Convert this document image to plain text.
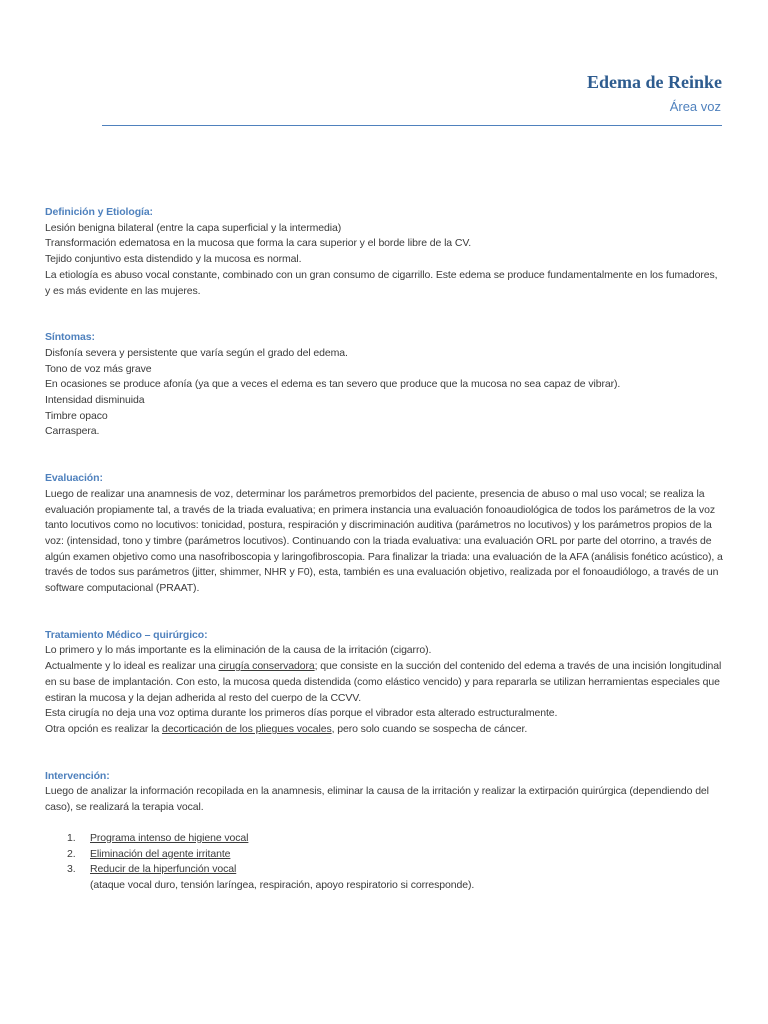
Edema de Reinke
Área voz
Definición y Etiología:
Lesión benigna bilateral (entre la capa superficial y la intermedia)
Transformación edematosa en la mucosa que forma la cara superior y el borde libre de la CV.
Tejido conjuntivo esta distendido y la mucosa es normal.
La etiología es abuso vocal constante, combinado con un gran consumo de cigarrillo. Este edema se produce fundamentalmente en los fumadores, y es más evidente en las mujeres.
Síntomas:
Disfonía severa y persistente que varía según el grado del edema.
Tono de voz más grave
En ocasiones se produce afonía (ya que a veces el edema es tan severo que produce que la mucosa no sea capaz de vibrar).
Intensidad disminuida
Timbre opaco
Carraspera.
Evaluación:
Luego de realizar una anamnesis de voz, determinar los parámetros premorbidos del paciente, presencia de abuso o mal uso vocal; se realiza la evaluación propiamente tal, a través de la triada evaluativa; en primera instancia una evaluación fonoaudiológica de todos los parámetros de la voz tanto locutivos como no locutivos: tonicidad, postura, respiración y discriminación auditiva (parámetros no locutivos) y los parámetros propios de la voz: (intensidad, tono y timbre (parámetros locutivos). Continuando con la triada evaluativa: una evaluación ORL por parte del otorrino, a través de algún examen objetivo como una nasofriboscopia y laringofibroscopia. Para finalizar la triada: una evaluación de la AFA (análisis fonético acústico), a través de todos sus parámetros (jitter, shimmer, NHR y F0), esta, también es una evaluación objetivo, realizada por el fonoaudiólogo, a través de un software computacional (PRAAT).
Tratamiento Médico – quirúrgico:
Lo primero y lo más importante es la eliminación de la causa de la irritación (cigarro).
Actualmente y lo ideal es realizar una cirugía conservadora; que consiste en la succión del contenido del edema a través de una incisión longitudinal en su base de implantación. Con esto, la mucosa queda distendida (como elástico vencido) y para repararla se utilizan herramientas especiales que estiran la mucosa y la dejan adherida al resto del cuerpo de la CCVV.
Esta cirugía no deja una voz optima durante los primeros días porque el vibrador esta alterado estructuralmente.
Otra opción es realizar la decorticación de los pliegues vocales, pero solo cuando se sospecha de cáncer.
Intervención:
Luego de analizar la información recopilada en la anamnesis, eliminar la causa de la irritación y realizar la extirpación quirúrgica (dependiendo del caso), se realizará la terapia vocal.
1.	Programa intenso de higiene vocal
2.	Eliminación del agente irritante
3.	Reducir de la hiperfunción vocal
(ataque vocal duro, tensión laríngea, respiración, apoyo respiratorio si corresponde).
